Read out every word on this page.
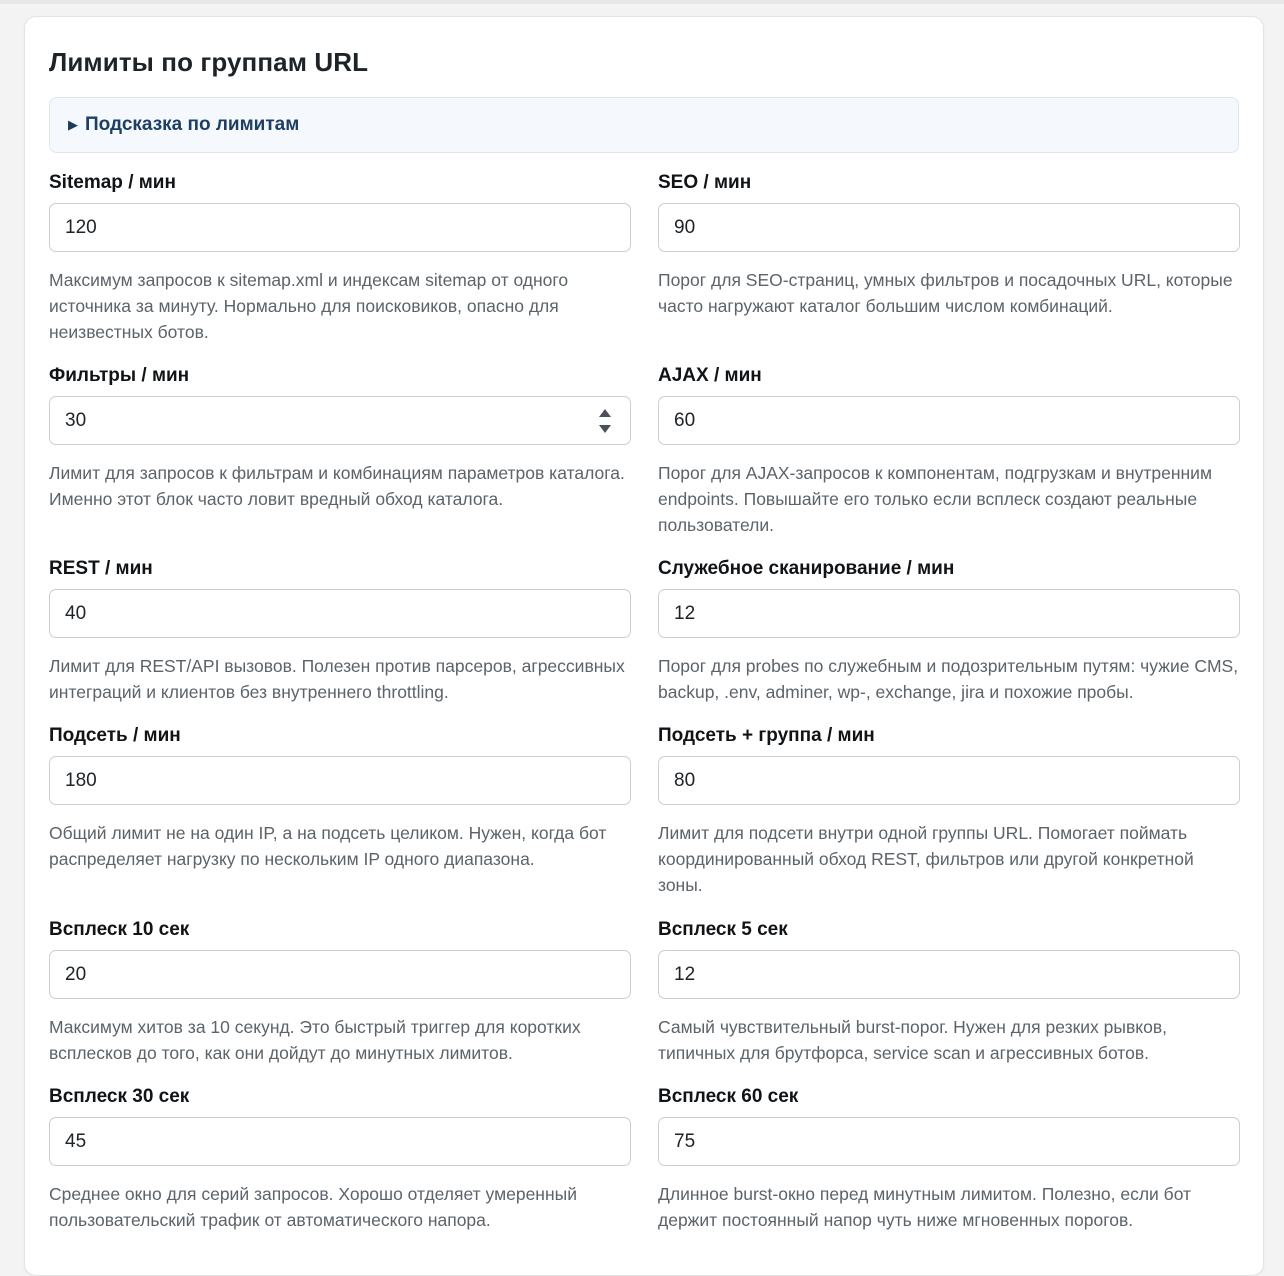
Лимиты по группам URL
▶ Подсказка по лимитам
Sitemap / мин
120

Максимум запросов к sitemap.xml и индексам sitemap от одного источника за минуту. Нормально для поисковиков, опасно для неизвестных ботов.

SEO / мин
90

Порог для SEO-страниц, умных фильтров и посадочных URL, которые часто нагружают каталог большим числом комбинаций.

Фильтры / мин
30

Лимит для запросов к фильтрам и комбинациям параметров каталога. Именно этот блок часто ловит вредный обход каталога.

AJAX / мин
60

Порог для AJAX-запросов к компонентам, подгрузкам и внутренним endpoints. Повышайте его только если всплеск создают реальные пользователи.

REST / мин
40

Лимит для REST/API вызовов. Полезен против парсеров, агрессивных интеграций и клиентов без внутреннего throttling.

Служебное сканирование / мин
12

Порог для probes по служебным и подозрительным путям: чужие CMS, backup, .env, adminer, wp-, exchange, jira и похожие пробы.

Подсеть / мин
180

Общий лимит не на один IP, а на подсеть целиком. Нужен, когда бот распределяет нагрузку по нескольким IP одного диапазона.

Подсеть + группа / мин
80

Лимит для подсети внутри одной группы URL. Помогает поймать координированный обход REST, фильтров или другой конкретной зоны.

Всплеск 10 сек
20

Максимум хитов за 10 секунд. Это быстрый триггер для коротких всплесков до того, как они дойдут до минутных лимитов.

Всплеск 5 сек
12

Самый чувствительный burst-порог. Нужен для резких рывков, типичных для брутфорса, service scan и агрессивных ботов.

Всплеск 30 сек
45

Среднее окно для серий запросов. Хорошо отделяет умеренный пользовательский трафик от автоматического напора.

Всплеск 60 сек
75

Длинное burst-окно перед минутным лимитом. Полезно, если бот держит постоянный напор чуть ниже мгновенных порогов.
